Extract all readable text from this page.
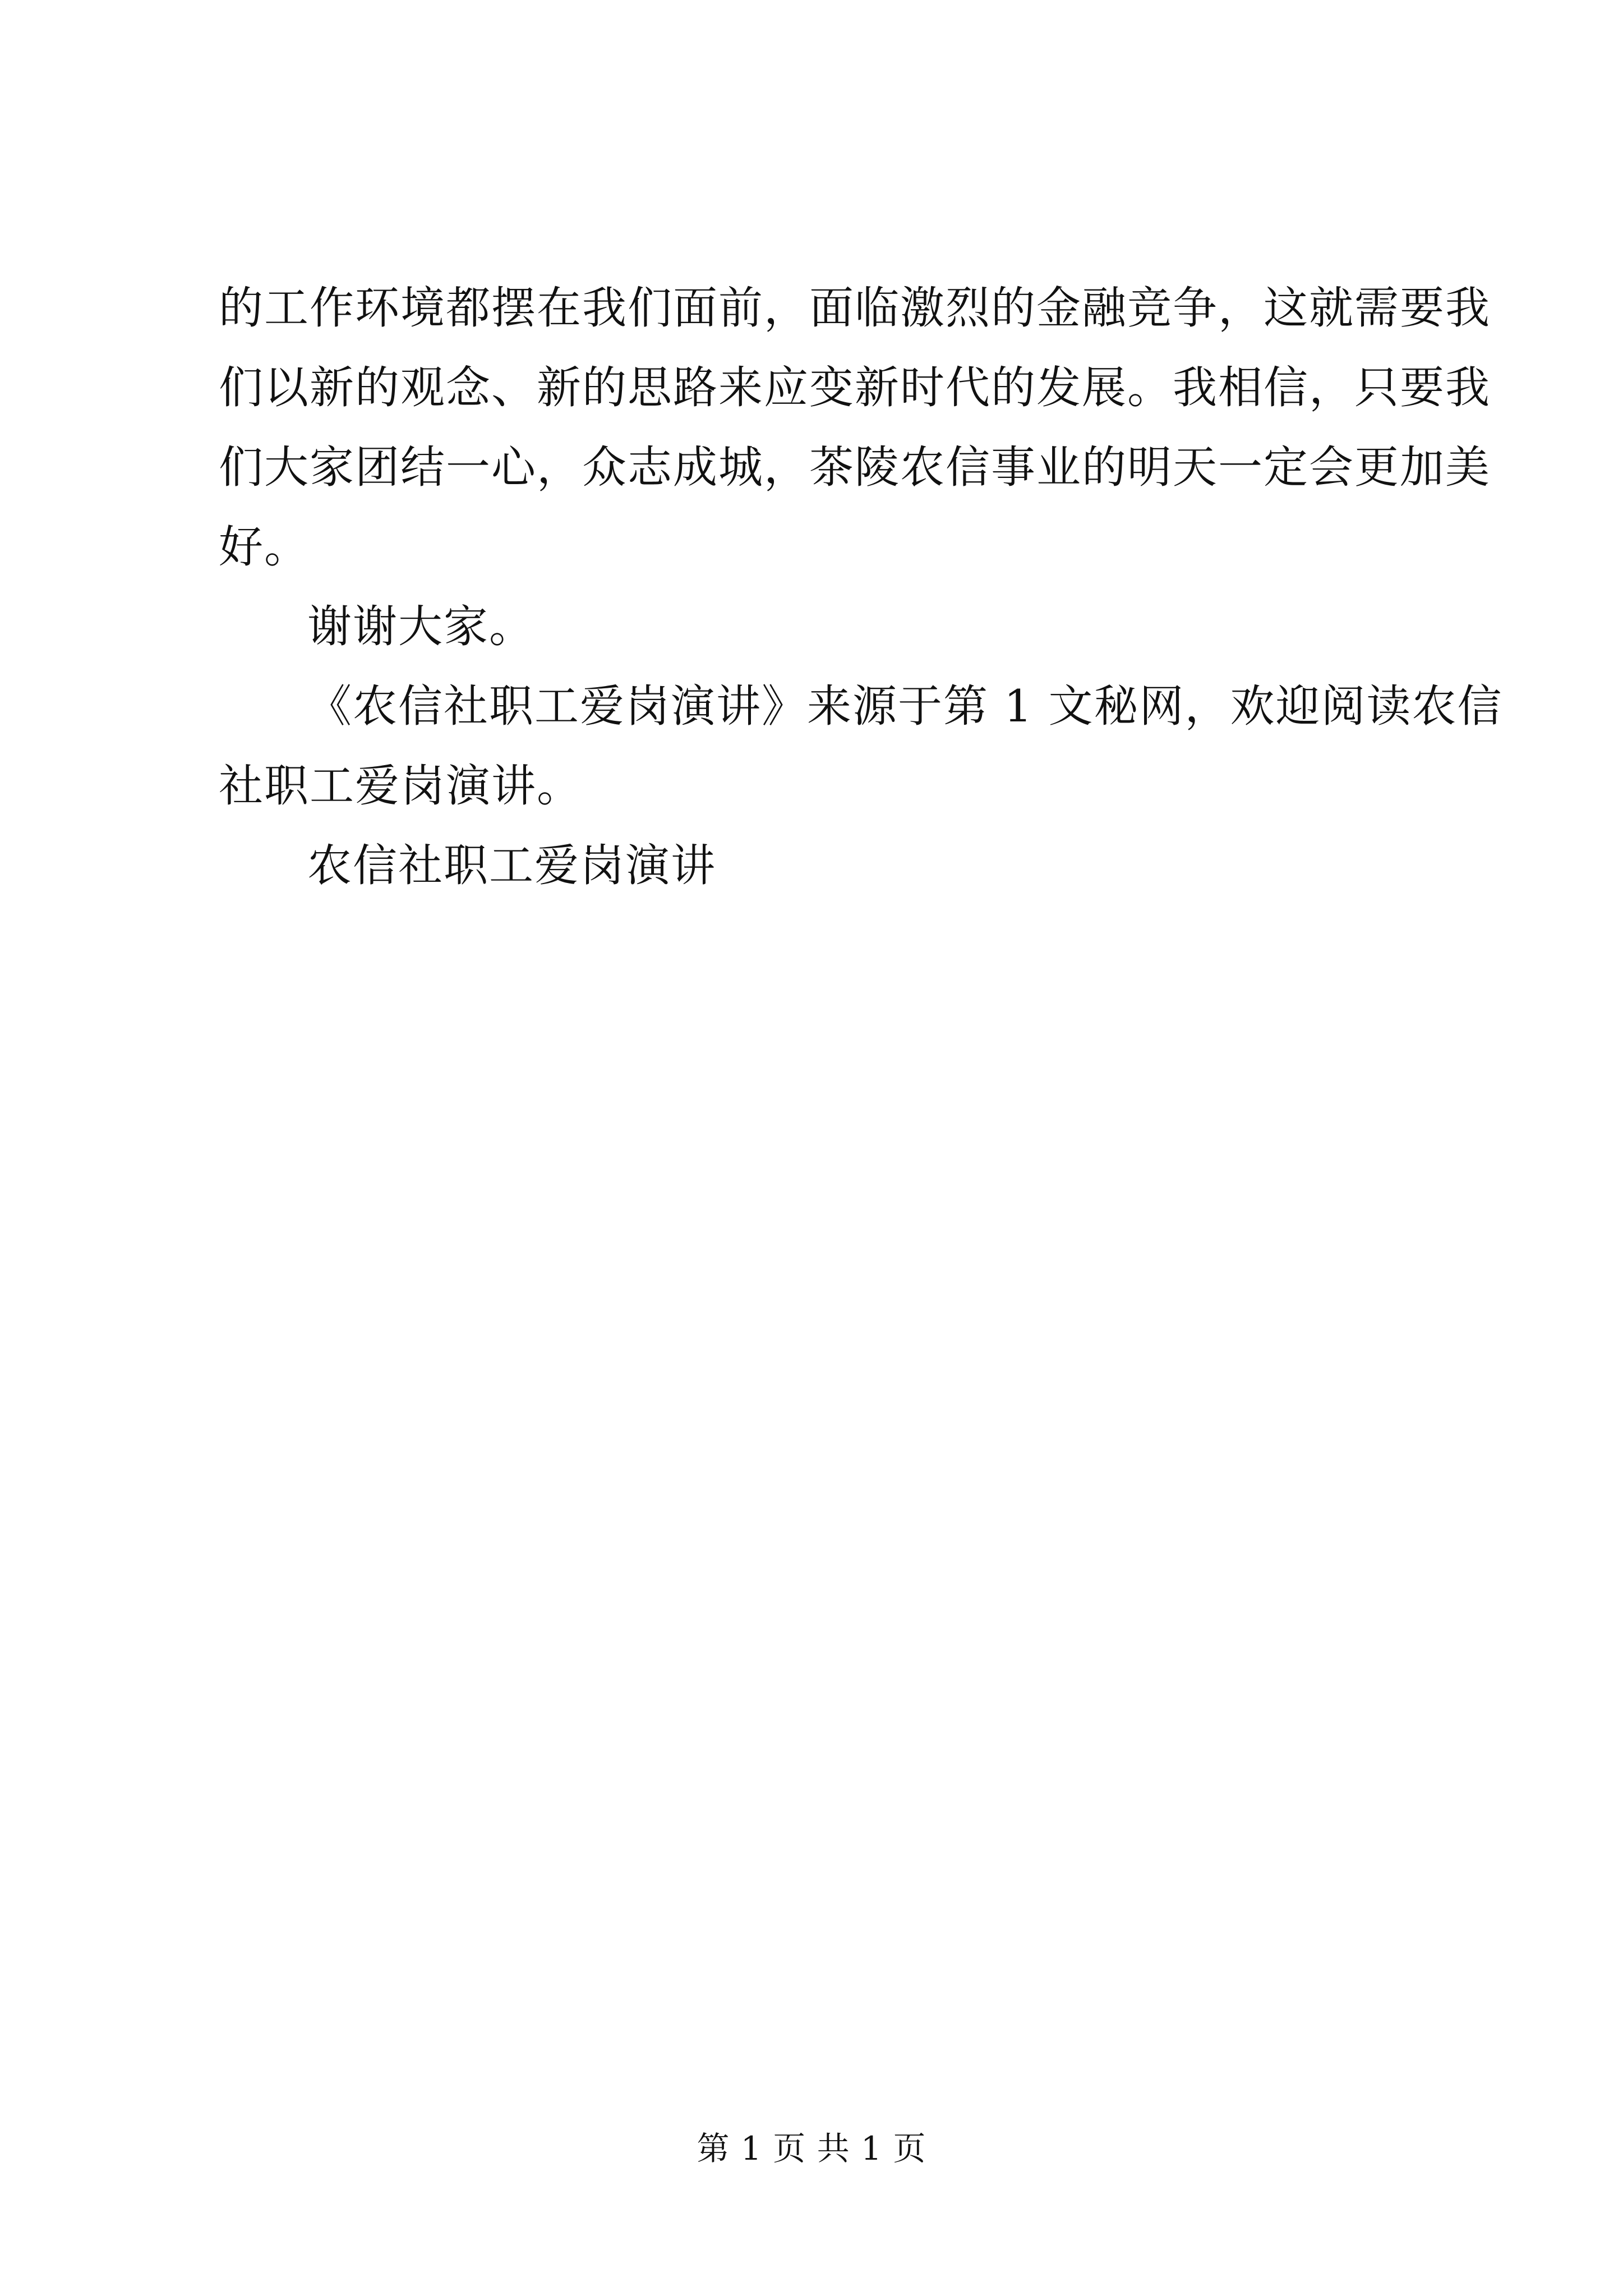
的工作环境都摆在我们面前，面临激烈的金融竞争，这就需要我
们以新的观念、新的思路来应变新时代的发展。我相信，只要我
们大家团结一心，众志成城，茶陵农信事业的明天一定会更加美
好。
谢谢大家。
《农信社职工爱岗演讲》来源于第 1 文秘网，欢迎阅读农信
社职工爱岗演讲。
农信社职工爱岗演讲
第 1 页 共 1 页
